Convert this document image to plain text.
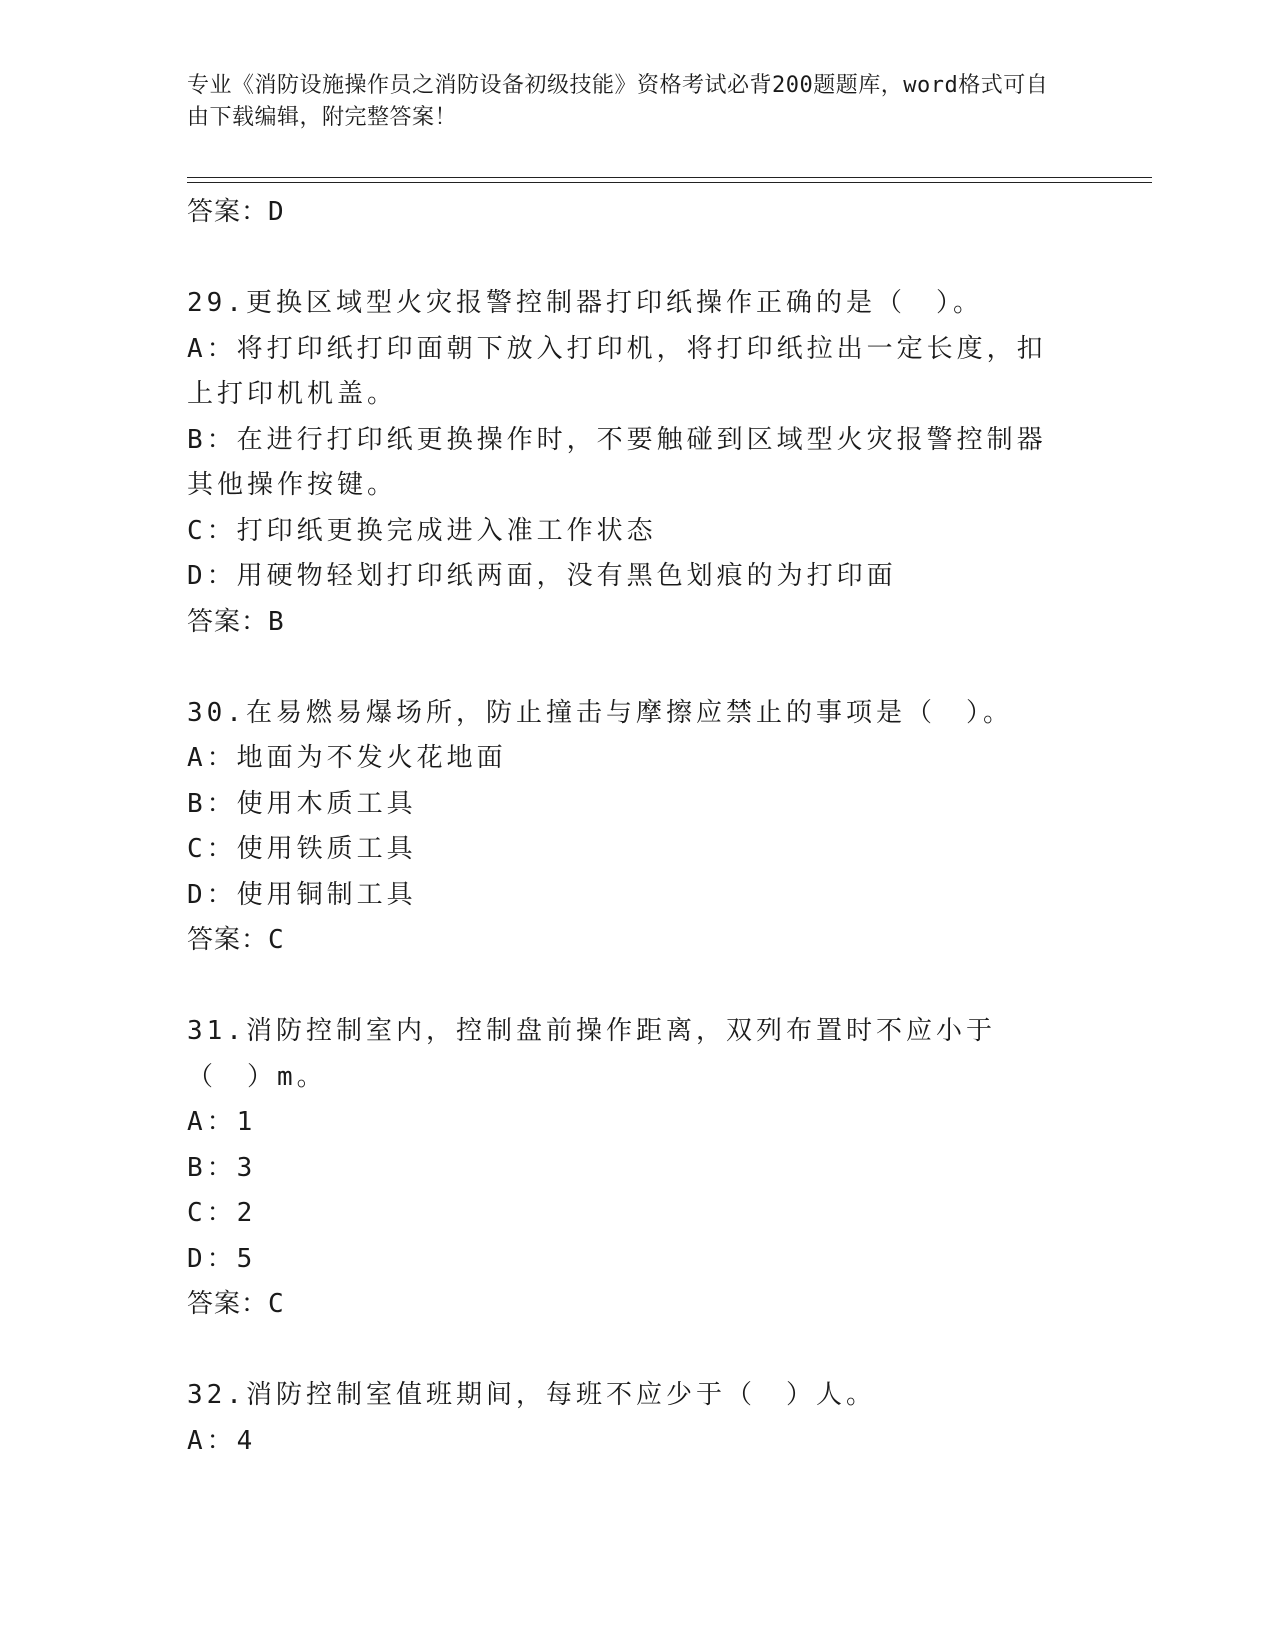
专业《消防设施操作员之消防设备初级技能》资格考试必背200题题库，word格式可自由下载编辑，附完整答案！
答案：D
29.更换区域型火灾报警控制器打印纸操作正确的是（　）。
A：将打印纸打印面朝下放入打印机，将打印纸拉出一定长度，扣上打印机机盖。
B：在进行打印纸更换操作时，不要触碰到区域型火灾报警控制器其他操作按键。
C：打印纸更换完成进入准工作状态
D：用硬物轻划打印纸两面，没有黑色划痕的为打印面
答案：B
30.在易燃易爆场所，防止撞击与摩擦应禁止的事项是（　）。
A：地面为不发火花地面
B：使用木质工具
C：使用铁质工具
D：使用铜制工具
答案：C
31.消防控制室内，控制盘前操作距离，双列布置时不应小于（　）m。
A：1
B：3
C：2
D：5
答案：C
32.消防控制室值班期间，每班不应少于（　）人。
A：4
